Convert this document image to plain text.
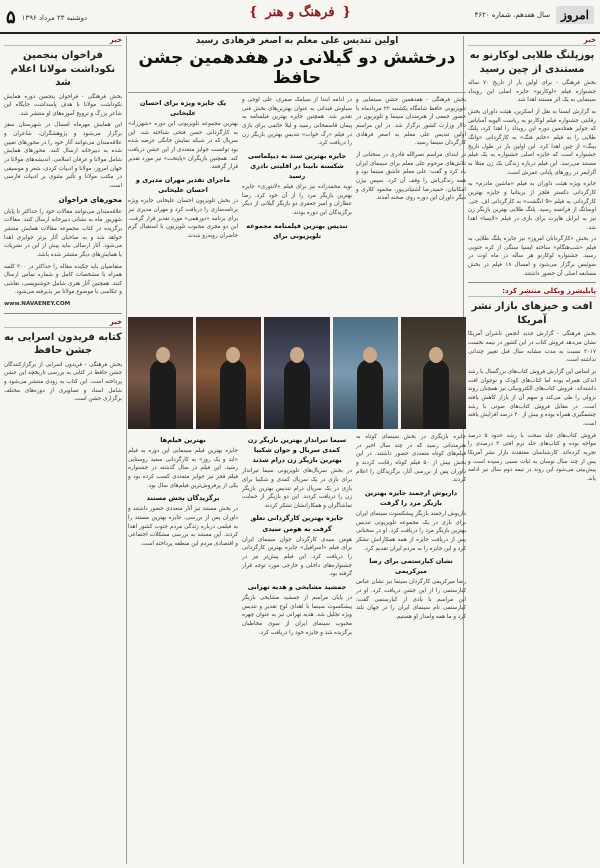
امروز
سال هفدهم، شماره ۴۶۲۰
{فرهنگ و هنر}
دوشنبه ۲۳ مرداد ۱۳۹۶
۵
خبر
پوزپلنگ طلایی لوکارنو به مستندی از چین رسید

بخش فرهنگی - برای اولین بار از تاریخ ۷۰ ساله جشنواره فیلم «لوکارنو» جایزه اصلی این رویداد سینمایی به یک اثر مستند اهدا شد.

به گزارش ایسنا به نقل از اسکرین، هیئت داوران بخش رقابتی جشنواره فیلم لوکارنو به ریاست الیویه آسایاس که جوایز هفتادمین دوره این رویداد را اهدا کرد، پلنگ طلایی را به فیلم «خانم فنگ» به کارگردانی «وانگ بینگ» از چین اهدا کرد. این اولین بار در طول تاریخ جشنواره است که جایزه اصلی جشنواره به یک فیلم مستند می‌رسد. این فیلم درباره زندگی یک زن مبتلا به آلزایمر در روزهای پایانی عمرش است.

جایزه ویژه هیئت داوران به فیلم «ماشین مادرم» به کارگردانی دکستر فلچر از بریتانیا و جایزه بهترین کارگردانی به فیلم «9 انگشت» به کارگردانی اف. جی. اوسانگ از فرانسه رسید. پلنگ طلایی بهترین بازیگر زن نیز به ایزابل هاپرت برای بازی در فیلم «لایسا» اهدا شد.

در بخش «کارگردانان امروز» نیز جایزه پلنگ طلایی به فیلم «شب‌هنگام» ساخته ایسیا سنگی از کره جنوبی رسید. جشنواره لوکارنو هر ساله در ماه اوت در سوئیس برگزار می‌شود و امسال ۱۸ فیلم در بخش مسابقه اصلی آن حضور داشتند.

پابلیشرز ویکلی منتشر کرد:
افت و خیزهای بازار نشر آمریکا

بخش فرهنگی - گزارش جدید انجمن ناشران آمریکا نشان می‌دهد فروش کتاب در این کشور در نیمه نخست ۲۰۱۷ نسبت به مدت مشابه سال قبل تغییر چندانی نداشته است.

بر اساس این گزارش فروش کتاب‌های بزرگسال با رشد اندکی همراه بوده اما کتاب‌های کودک و نوجوان افت داشته‌اند. فروش کتاب‌های الکترونیکی نیز همچنان روند نزولی را طی می‌کند و سهم آن از بازار کاهش یافته است. در مقابل فروش کتاب‌های صوتی با رشد چشمگیری همراه بوده و بیش از ۲۰ درصد افزایش یافته است.

فروش کتاب‌های جلد سخت با رشد حدود ۵ درصد مواجه بوده و کتاب‌های جلد نرم افتی ۲ درصدی را تجربه کرده‌اند. کارشناسان معتقدند بازار نشر آمریکا پس از چند سال نوسان به ثبات نسبی رسیده است و پیش‌بینی می‌شود این روند در نیمه دوم سال نیز ادامه یابد.

خبر
فراخوان پنجمین نکوداشت مولانا اعلام شد

بخش فرهنگی - فراخوان پنجمین دوره همایش نکوداشت مولانا با هدف پاسداشت جایگاه این شاعر بزرگ و ترویج آموزه‌های او منتشر شد.

این همایش مهرماه امسال در شهرستان سقز برگزار می‌شود و پژوهشگران، شاعران و علاقه‌مندان می‌توانند آثار خود را در محورهای تعیین شده به دبیرخانه ارسال کنند. محورهای همایش شامل مولانا و عرفان اسلامی، اندیشه‌های مولانا در جهان امروز، مولانا و ادبیات کردی، شعر و موسیقی در مکتب مولانا و تأثیر مثنوی بر ادبیات فارسی است.

محورهای فراخوان

علاقه‌مندان می‌توانند مقالات خود را حداکثر تا پایان شهریور ماه به نشانی دبیرخانه ارسال کنند. مقالات برگزیده در کتاب مجموعه مقالات همایش منتشر خواهد شد و به صاحبان آثار برتر جوایزی اهدا می‌شود. آثار ارسالی نباید پیش از این در نشریات یا همایش‌های دیگر منتشر شده باشد.

متقاضیان باید چکیده مقاله را حداکثر در ۳۰۰ کلمه همراه با مشخصات کامل و شماره تماس ارسال کنند. همچنین آثار هنری شامل خوشنویسی، نقاشی و عکاسی با موضوع مولانا نیز پذیرفته می‌شود.

www.NAVAENEY.COM

خبر
کتابه فریدون اسرایی به جشن حافظ

بخش فرهنگی - فریدون اسرایی از برگزارکنندگان جشن حافظ در کتابی به بررسی تاریخچه این جشن پرداخته است. این کتاب به زودی منتشر می‌شود و شامل اسناد و تصاویری از دوره‌های مختلف برگزاری جشن است.

اولین تندیس علی معلم به اصغر فرهادی رسید
درخشش دو گیلانی در هفدهمین جشن حافظ

بخش فرهنگی - هفدهمین جشن سینمایی و تلویزیونی حافظ شامگاه یکشنبه ۲۲ مردادماه با حضور جمعی از هنرمندان سینما و تلویزیون در تالار وزارت کشور برگزار شد. در این مراسم اولین تندیس علی معلم به اصغر فرهادی کارگردان سینما رسید.

در ابتدای مراسم نصرالله قادری در سخنانی از تلاش‌های مرحوم علی معلم برای سینمای ایران یاد کرد و گفت: علی معلم عاشق سینما بود و همه زندگی‌اش را وقف آن کرد. سپس بیژن امکانیان، حمیدرضا آشتیانی‌پور، محمود کلاری و دیگر داوران این دوره روی صحنه آمدند.

در ادامه ابتدا از سیامک صفری، علی اوجی و سیاوش قیدانی به عنوان بهترین‌های بخش فنی تقدیر شد. همچنین جایزه بهترین فیلمنامه به پیمان قاسمخانی رسید و لیلا حاتمی برای بازی در فیلم «رگ خواب» تندیس بهترین بازیگر زن را دریافت کرد.

جایزه بهترین سند به دیپلماسی شکسته نابینا در اقلیتی نادری رسید

نوید محمدزاده نیز برای فیلم «لانتوری» جایزه بهترین بازیگر مرد را از آن خود کرد. رضا عطاران و امیر جعفری دو بازیگر گیلانی از دیگر برگزیدگان این دوره بودند.

تندیس بهترین فیلمنامه مجموعه تلویزیونی برای
یک جایزه ویژه برای احسان علیخانی

بهترین مجموعه تلویزیونی این دوره «شهرزاد» به کارگردانی حسن فتحی شناخته شد. این سریال که در شبکه نمایش خانگی عرضه شده بود توانست جوایز متعددی از این جشن دریافت کند. همچنین بازیگران «پایتخت» نیز مورد تقدیر قرار گرفتند.

ماجرای تقدیر مهران مدیری و احسان علیخانی

در بخش تلویزیون احسان علیخانی جایزه ویژه برنامه‌سازی را دریافت کرد و مهران مدیری نیز برای برنامه «دورهمی» مورد تقدیر قرار گرفت. این دو مجری محبوب تلویزیون با استقبال گرم حاضران روبه‌رو شدند.

جایزه بازیگری در بخش سینمای کوتاه به هنرمندانی رسید که در چند سال اخیر در فیلم‌های کوتاه متعددی حضور داشتند. در این بخش بیش از ۵۰ فیلم کوتاه رقابت کردند و داوران پس از بررسی آثار، برگزیدگان را اعلام کردند.

داریوش ارجمند جایزه بهترین بازیگر مرد را گرفت

داریوش ارجمند بازیگر پیشکسوت سینمای ایران برای بازی در یک مجموعه تلویزیونی تندیس بهترین بازیگر مرد را دریافت کرد. او در سخنانی پس از دریافت جایزه از همه همکارانش تشکر کرد و این جایزه را به مردم ایران تقدیم کرد.

نشان کیارستمی برای رضا میرکریمی

رضا میرکریمی کارگردان سینما نیز نشان عباس کیارستمی را از این جشن دریافت کرد. او در این مراسم با یادی از کیارستمی گفت: کیارستمی نام سینمای ایران را در جهان بلند کرد و ما همه وامدار او هستیم.

سیما تیرانداز بهترین بازیگر زن کمدی سریال و جوان شکیبا بهترین بازیگر زن درام شدند

در بخش سریال‌های تلویزیونی سیما تیرانداز برای بازی در یک سریال کمدی و شکیبا برای بازی در یک سریال درام تندیس بهترین بازیگر زن را دریافت کردند. این دو بازیگر از حمایت تماشاگران و همکارانشان تشکر کردند.

جایزه بهترین کارگردانی تعلق گرفت به هومن سیدی

هومن سیدی کارگردان جوان سینمای ایران برای فیلم «اسرافیل» جایزه بهترین کارگردانی را دریافت کرد. این فیلم پیش‌تر نیز در جشنواره‌های داخلی و خارجی مورد توجه قرار گرفته بود.

جمشید مشایخی و هدیه تهرانی

در پایان مراسم از جمشید مشایخی بازیگر پیشکسوت سینما با اهدای لوح تقدیر و تندیس ویژه تجلیل شد. هدیه تهرانی نیز به عنوان چهره محبوب سینمای ایران از سوی مخاطبان برگزیده شد و جایزه خود را دریافت کرد.

بهترین فیلم‌ها

جایزه بهترین فیلم سینمایی این دوره به فیلم «ابد و یک روز» به کارگردانی سعید روستایی رسید. این فیلم در سال گذشته در جشنواره فیلم فجر نیز جوایز متعددی کسب کرده بود و یکی از پرفروش‌ترین فیلم‌های سال بود.

برگزیدگان بخش مستند

در بخش مستند نیز آثار متعددی حضور داشتند و داوران پس از بررسی، جایزه بهترین مستند را به فیلمی درباره زندگی مردم جنوب کشور اهدا کردند. این مستند به بررسی مشکلات اجتماعی و اقتصادی مردم این منطقه پرداخته است.
